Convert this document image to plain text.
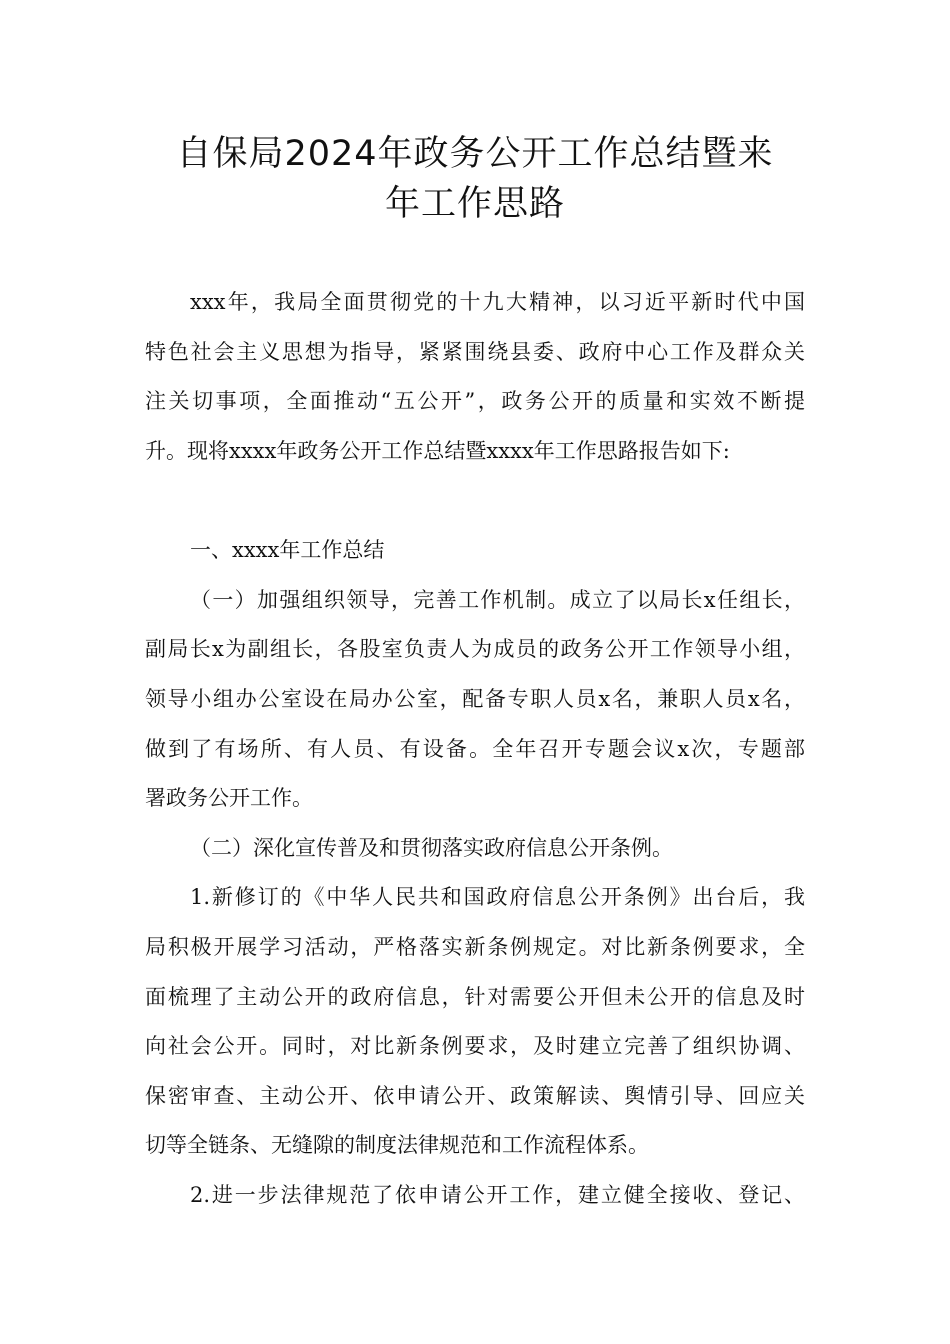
自保局2024年政务公开工作总结暨来
年工作思路
xxx年，我局全面贯彻党的十九大精神，以习近平新时代中国
特色社会主义思想为指导，紧紧围绕县委、政府中心工作及群众关
注关切事项，全面推动“五公开”，政务公开的质量和实效不断提
升。现将xxxx年政务公开工作总结暨xxxx年工作思路报告如下:
一、xxxx年工作总结
（一）加强组织领导，完善工作机制。成立了以局长x任组长，
副局长x为副组长，各股室负责人为成员的政务公开工作领导小组，
领导小组办公室设在局办公室，配备专职人员x名，兼职人员x名，
做到了有场所、有人员、有设备。全年召开专题会议x次，专题部
署政务公开工作。
（二）深化宣传普及和贯彻落实政府信息公开条例。
1.新修订的《中华人民共和国政府信息公开条例》出台后，我
局积极开展学习活动，严格落实新条例规定。对比新条例要求，全
面梳理了主动公开的政府信息，针对需要公开但未公开的信息及时
向社会公开。同时，对比新条例要求，及时建立完善了组织协调、
保密审查、主动公开、依申请公开、政策解读、舆情引导、回应关
切等全链条、无缝隙的制度法律规范和工作流程体系。
2.进一步法律规范了依申请公开工作，建立健全接收、登记、
